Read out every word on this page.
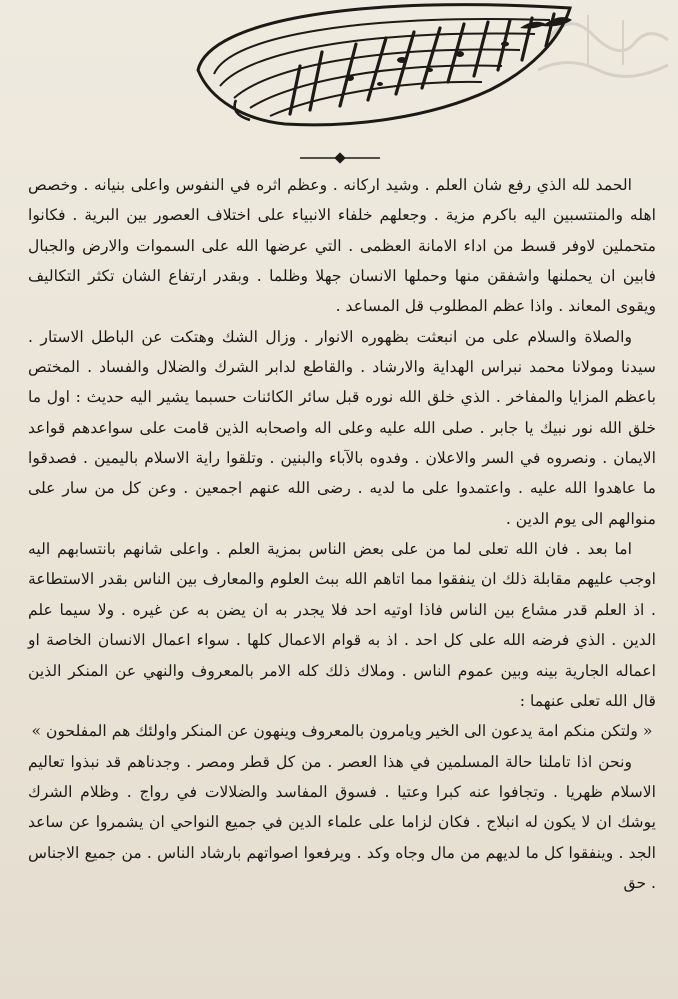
الحمد لله الذي رفع شان العلم . وشيد اركانه . وعظم اثره في النفوس واعلى بنيانه . وخصص اهله والمنتسبين اليه باكرم مزية . وجعلهم خلفاء الانبياء على اختلاف العصور بين البرية . فكانوا متحملين لاوفر قسط من اداء الامانة العظمى . التي عرضها الله على السموات والارض والجبال فابين ان يحملنها واشفقن منها وحملها الانسان جهلا وظلما . وبقدر ارتفاع الشان تكثر التكاليف ويقوى المعاند . واذا عظم المطلوب قل المساعد .

والصلاة والسلام على من انبعثت بظهوره الانوار . وزال الشك وهتكت عن الباطل الاستار . سيدنا ومولانا محمد نبراس الهداية والارشاد . والقاطع لدابر الشرك والضلال والفساد . المختص باعظم المزايا والمفاخر . الذي خلق الله نوره قبل سائر الكائنات حسبما يشير اليه حديث : اول ما خلق الله نور نبيك يا جابر . صلى الله عليه وعلى اله واصحابه الذين قامت على سواعدهم قواعد الايمان . ونصروه في السر والاعلان . وفدوه بالآباء والبنين . وتلقوا راية الاسلام باليمين . فصدقوا ما عاهدوا الله عليه . واعتمدوا على ما لديه . رضى الله عنهم اجمعين . وعن كل من سار على منوالهم الى يوم الدين .

اما بعد . فان الله تعلى لما من على بعض الناس بمزية العلم . واعلى شانهم بانتسابهم اليه اوجب عليهم مقابلة ذلك ان ينفقوا مما اتاهم الله ببث العلوم والمعارف بين الناس بقدر الاستطاعة . اذ العلم قدر مشاع بين الناس فاذا اوتيه احد فلا يجدر به ان يضن به عن غيره . ولا سيما علم الدين . الذي فرضه الله على كل احد . اذ به قوام الاعمال كلها . سواء اعمال الانسان الخاصة او اعماله الجارية بينه وبين عموم الناس . وملاك ذلك كله الامر بالمعروف والنهي عن المنكر الذين قال الله تعلى عنهما :

« ولتكن منكم امة يدعون الى الخير ويامرون بالمعروف وينهون عن المنكر واولئك هم المفلحون »

ونحن اذا تاملنا حالة المسلمين في هذا العصر . من كل قطر ومصر . وجدناهم قد نبذوا تعاليم الاسلام ظهريا . وتجافوا عنه كبرا وعتيا . فسوق المفاسد والضلالات في رواج . وظلام الشرك يوشك ان لا يكون له انبلاج . فكان لزاما على علماء الدين في جميع النواحي ان يشمروا عن ساعد الجد . وينفقوا كل ما لديهم من مال وجاه وكد . ويرفعوا اصواتهم بارشاد الناس . من جميع الاجناس . حق
